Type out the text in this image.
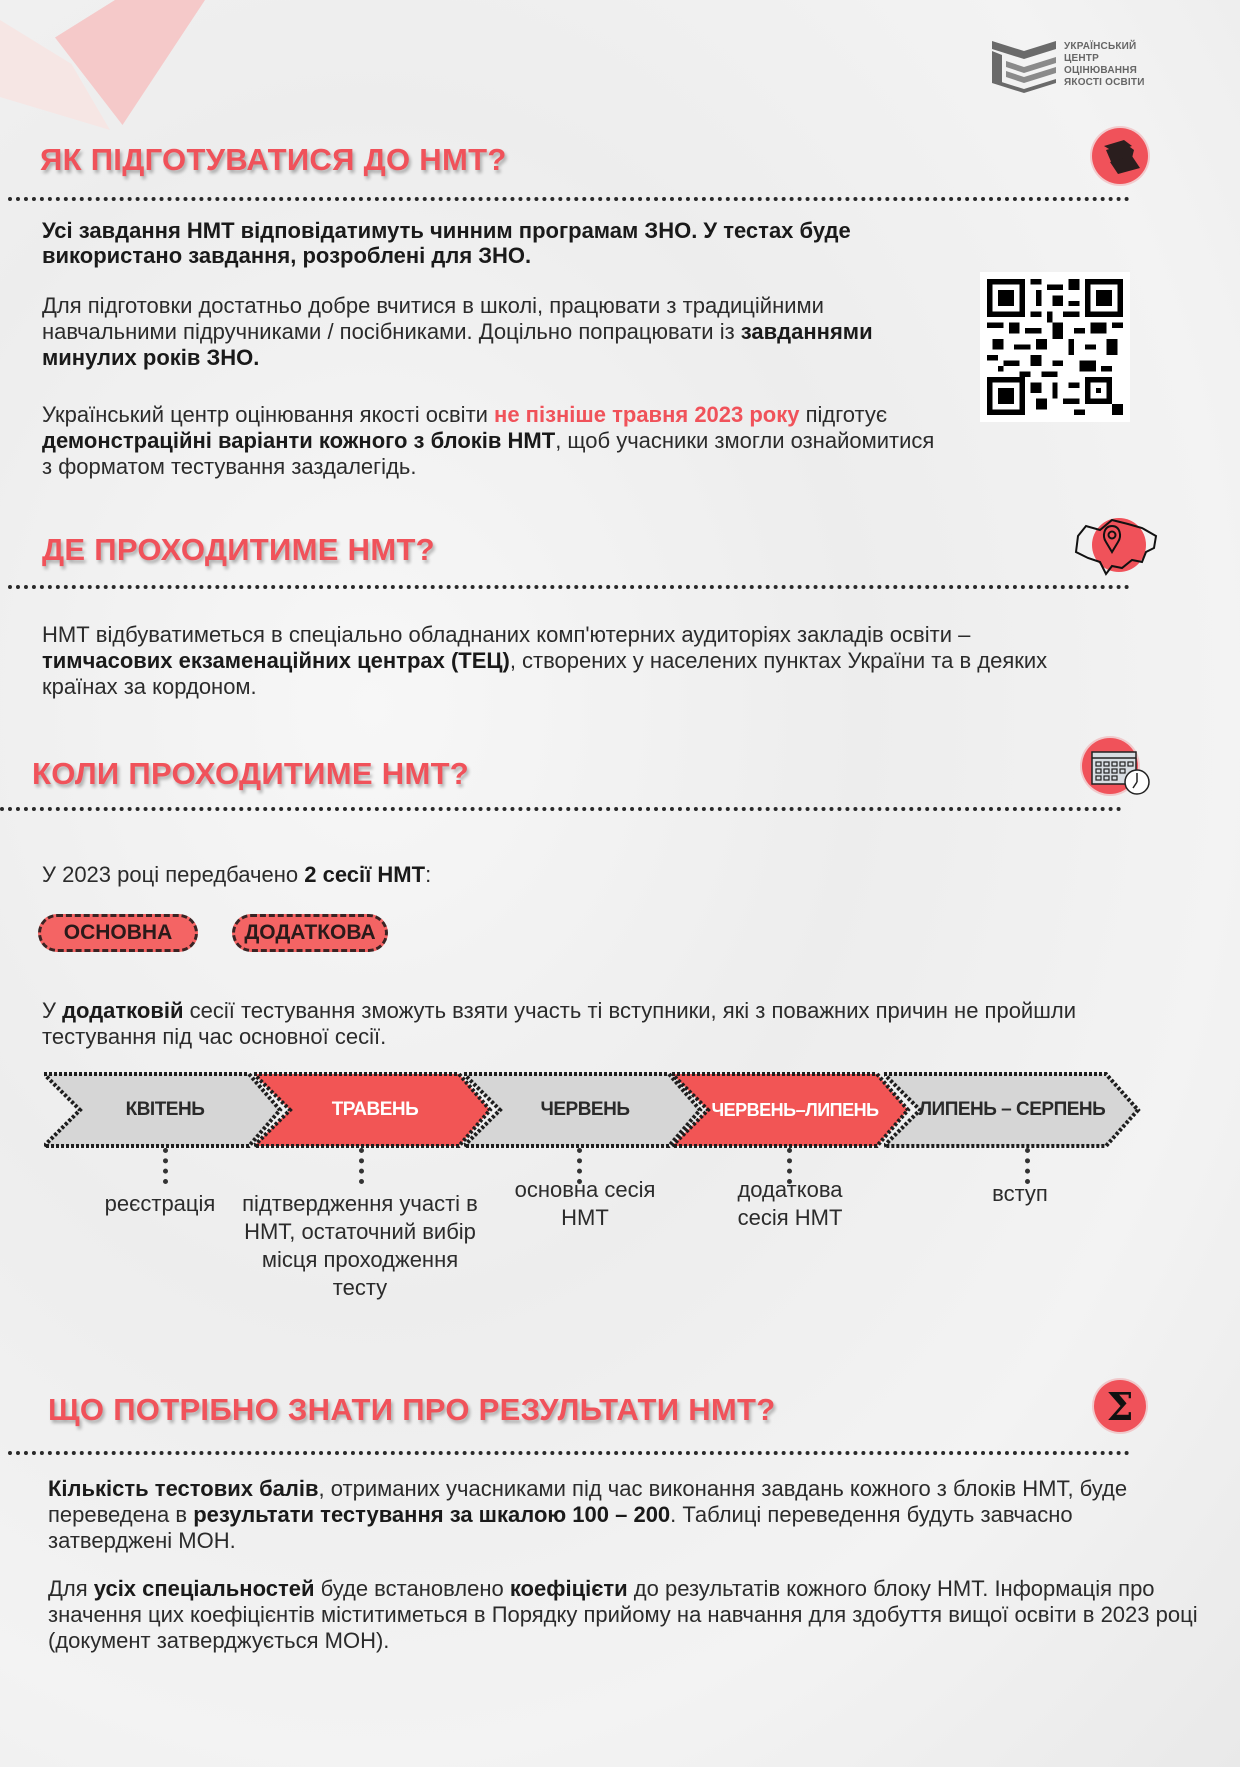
УКРАЇНСЬКИЙ
ЦЕНТР
ОЦІНЮВАННЯ
ЯКОСТІ ОСВІТИ
ЯК ПІДГОТУВАТИСЯ ДО НМТ?
Усі завдання НМТ відповідатимуть чинним програмам ЗНО. У тестах буде використано завдання, розроблені для ЗНО.
Для підготовки достатньо добре вчитися в школі, працювати з традиційними навчальними підручниками / посібниками. Доцільно попрацювати із завданнями минулих років ЗНО.
Український центр оцінювання якості освіти не пізніше травня 2023 року підготує демонстраційні варіанти кожного з блоків НМТ, щоб учасники змогли ознайомитися з форматом тестування заздалегідь.
ДЕ ПРОХОДИТИМЕ НМТ?
НМТ відбуватиметься в спеціально обладнаних комп'ютерних аудиторіях закладів освіти – тимчасових екзаменаційних центрах (ТЕЦ), створених у населених пунктах України та в деяких країнах за кордоном.
КОЛИ ПРОХОДИТИМЕ НМТ?
У 2023 році передбачено 2 сесії НМТ:
ОСНОВНА	ДОДАТКОВА
У додатковій сесії тестування зможуть взяти участь ті вступники, які з поважних причин не пройшли тестування під час основної сесії.
КВІТЕНЬ	ТРАВЕНЬ	ЧЕРВЕНЬ	ЧЕРВЕНЬ–ЛИПЕНЬ	ЛИПЕНЬ – СЕРПЕНЬ
реєстрація	підтвердження участі в НМТ, остаточний вибір місця проходження тесту
основна сесія НМТ
додаткова сесія НМТ
вступ
ЩО ПОТРІБНО ЗНАТИ ПРО РЕЗУЛЬТАТИ НМТ?	Σ
Кількість тестових балів, отриманих учасниками під час виконання завдань кожного з блоків НМТ, буде переведена в результати тестування за шкалою 100 – 200. Таблиці переведення будуть завчасно затверджені МОН.
Для усіх спеціальностей буде встановлено коефіцієти до результатів кожного блоку НМТ. Інформація про значення цих коефіцієнтів міститиметься в Порядку прийому на навчання для здобуття вищої освіти в 2023 році (документ затверджується МОН).
